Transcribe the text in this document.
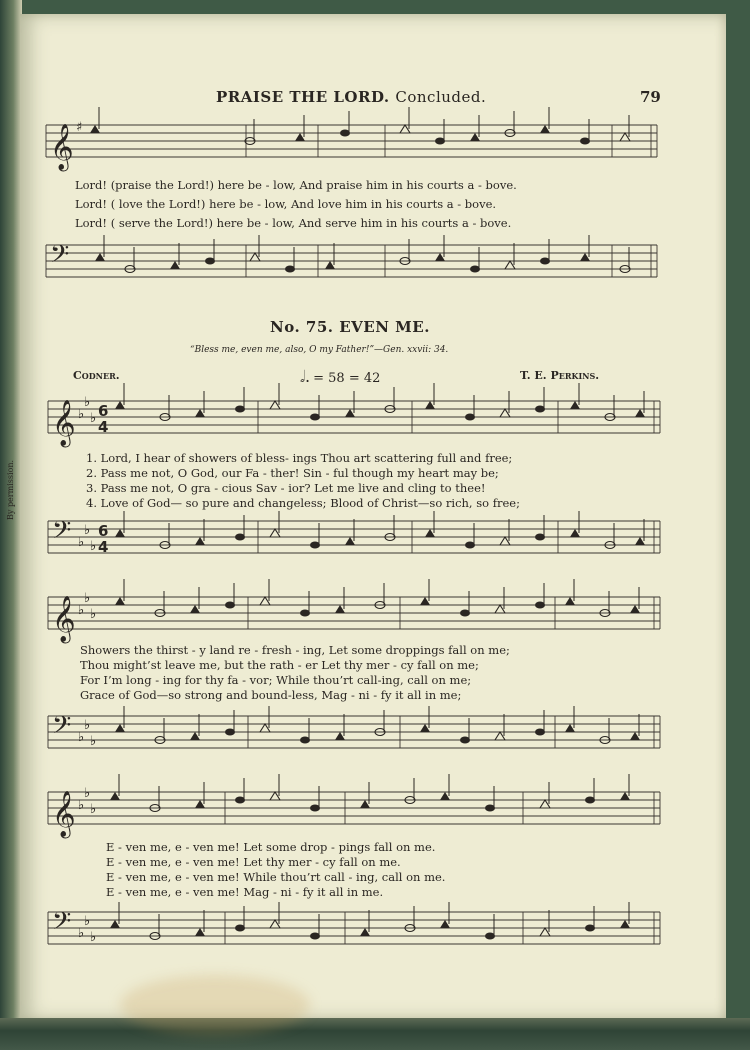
PRAISE THE LORD. Concluded.	79
No. 75. EVEN ME.
“Bless me, even me, also, O my Father!”—Gen. xxvii: 34.
Codner.	𝅗𝅥. = 58 = 42	T. E. Perkins.
By permission.
𝄞 ♯
𝄢
𝄞 ♭
♭
♭ 6
4
𝄢 ♭
♭
♭
6
4
𝄞 ♭
♭
♭
𝄢 ♭
♭
♭
𝄞 ♭
♭
♭
𝄢 ♭
♭
♭
Lord! (praise the Lord!) here be - low, And praise him in his courts a - bove.
Lord! ( love the Lord!) here be - low, And love him in his courts a - bove.
Lord! ( serve the Lord!) here be - low, And serve him in his courts a - bove.
1. Lord, I hear of showers of bless- ings Thou art scattering full and free;
2. Pass me not, O God, our Fa - ther! Sin - ful though my heart may be;
3. Pass me not, O gra - cious Sav - ior? Let me live and cling to thee!
4. Love of God— so pure and changeless; Blood of Christ—so rich, so free;
Showers the thirst - y land re - fresh - ing, Let some droppings fall on me;
Thou might’st leave me, but the rath - er Let thy mer - cy fall on me;
For I’m long - ing for thy fa - vor; While thou’rt call-ing, call on me;
Grace of God—so strong and bound-less, Mag - ni - fy it all in me;
E - ven me, e - ven me! Let some drop - pings fall on me.
E - ven me, e - ven me! Let thy mer - cy fall on me.
E - ven me, e - ven me! While thou’rt call - ing, call on me.
E - ven me, e - ven me! Mag - ni - fy it all in me.
